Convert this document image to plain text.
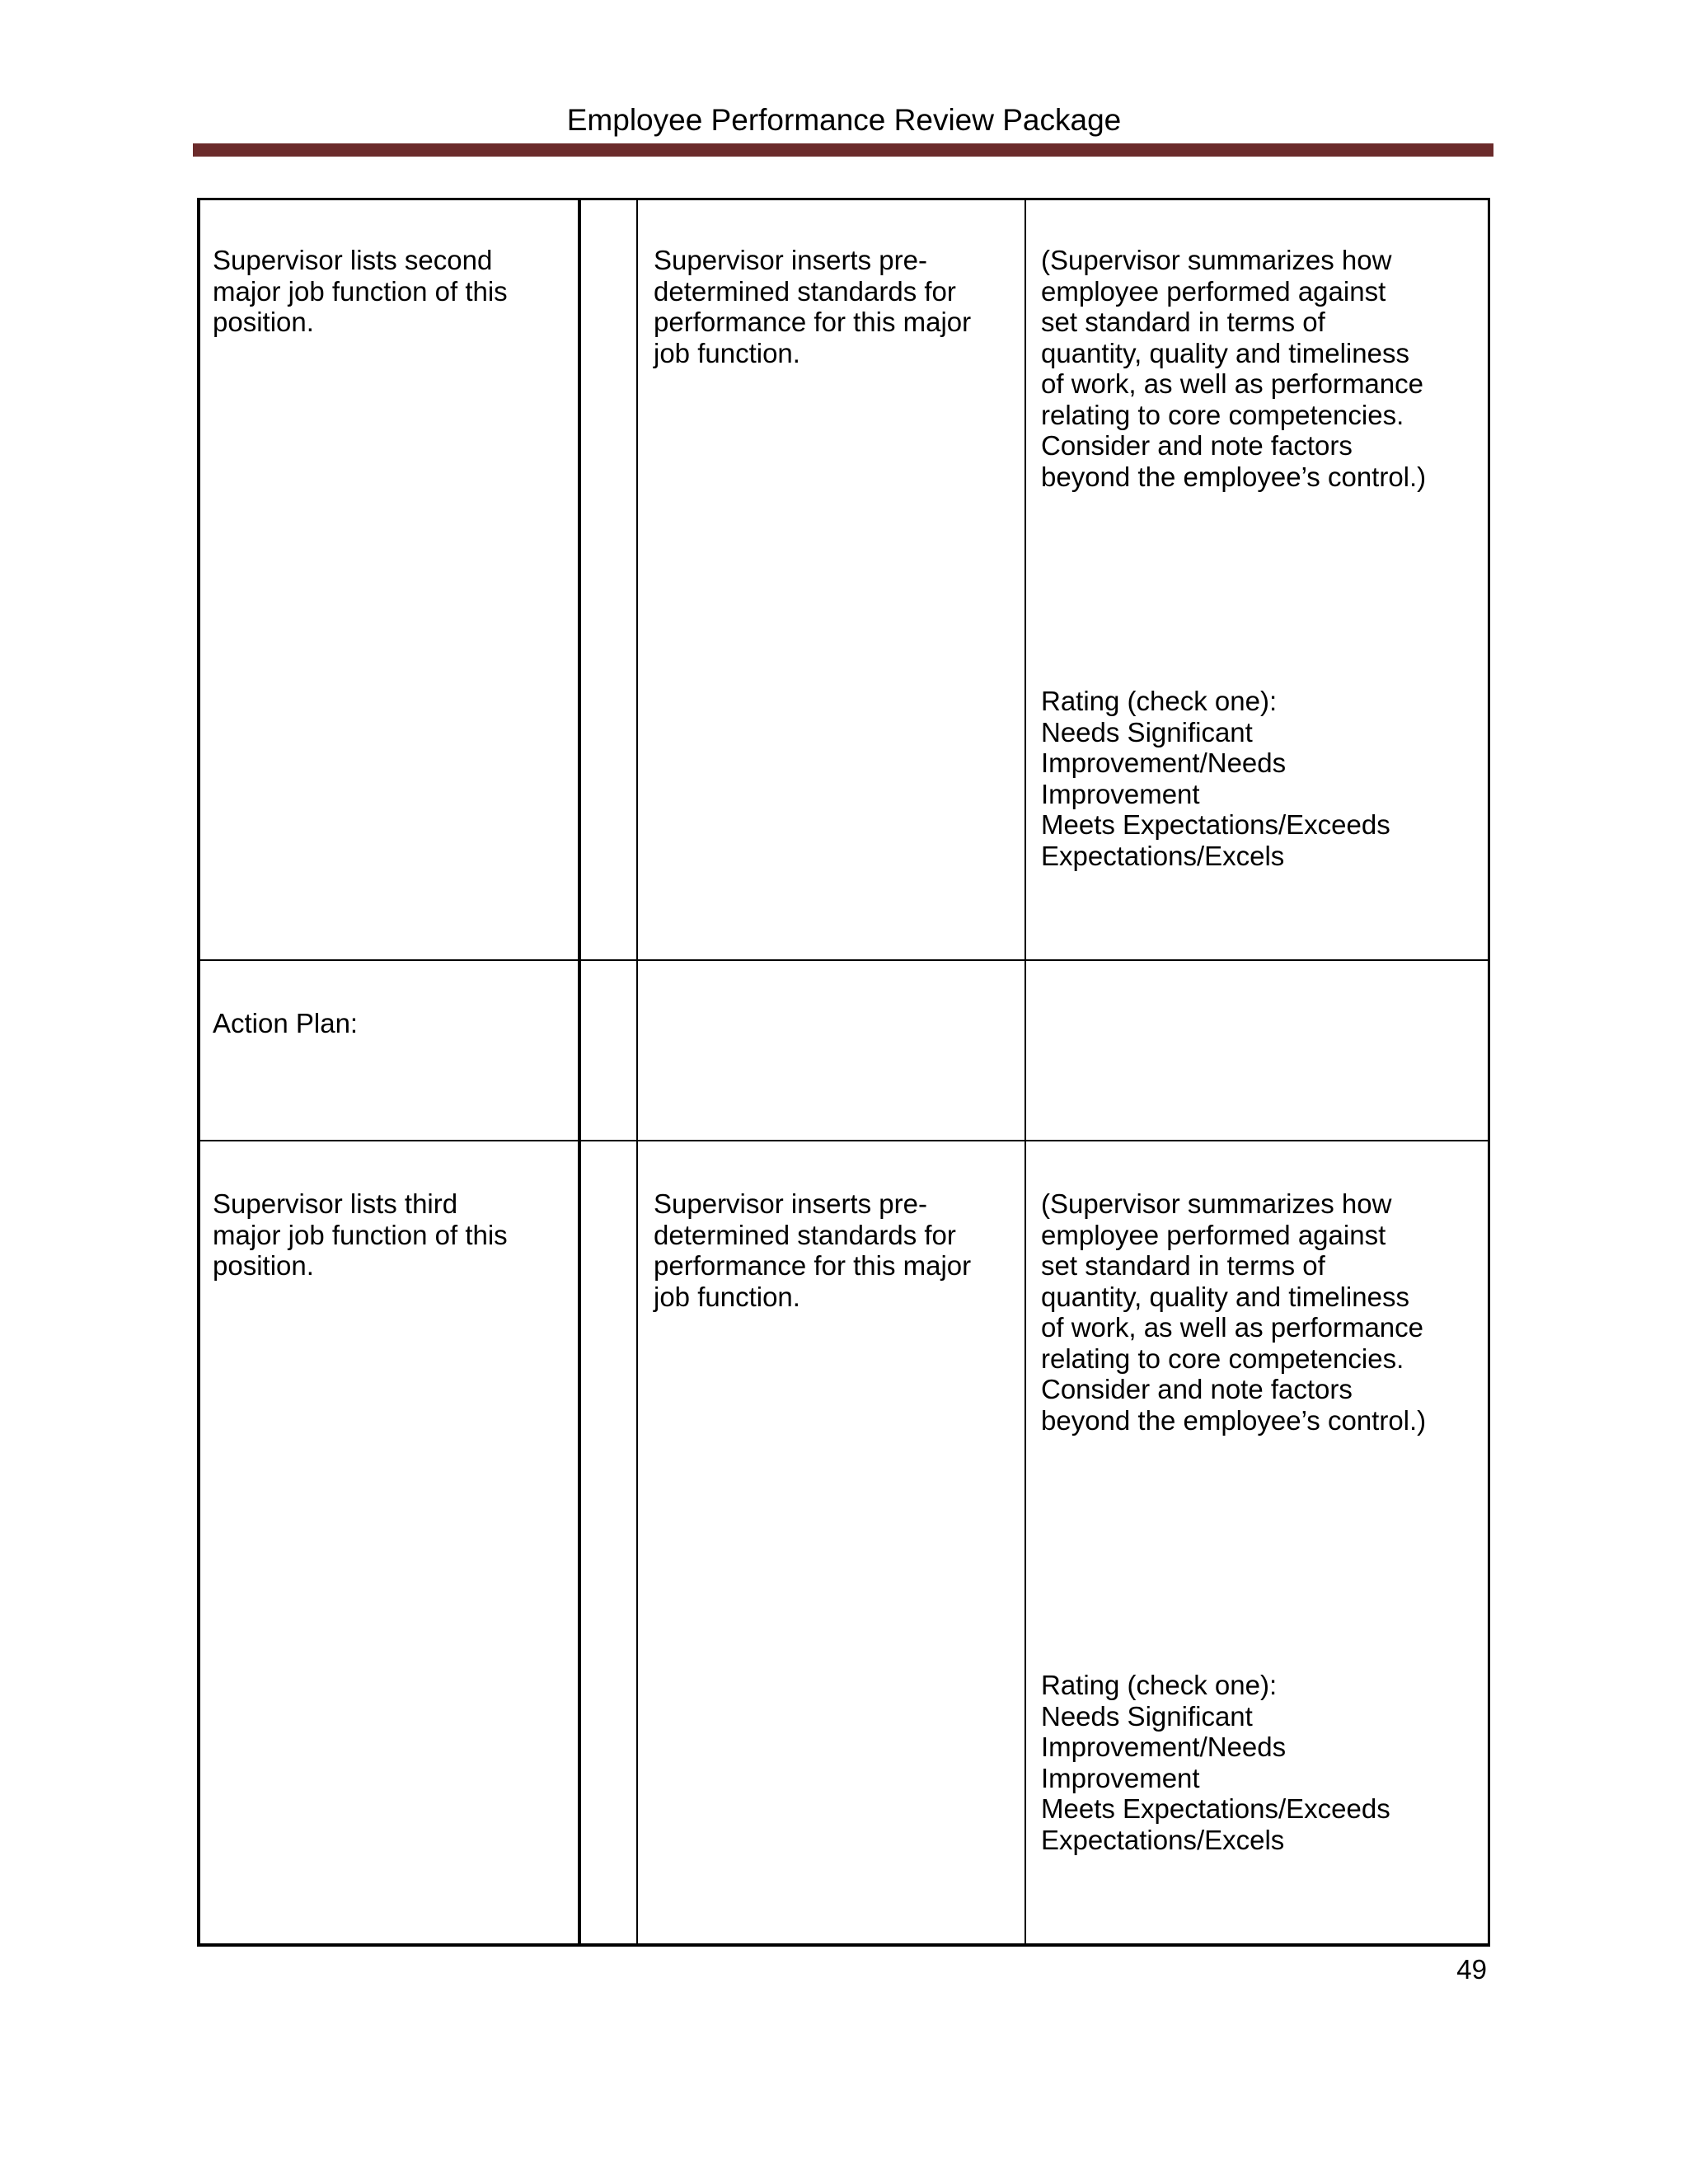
Employee Performance Review Package
Supervisor lists second
major job function of this
position.
Supervisor inserts pre-
determined standards for
performance for this major
job function.
(Supervisor summarizes how
employee performed against
set standard in terms of
quantity, quality and timeliness
of work, as well as performance
relating to core competencies.
Consider and note factors
beyond the employee’s control.)
Rating (check one):
Needs Significant
Improvement/Needs
Improvement
Meets Expectations/Exceeds
Expectations/Excels
Action Plan:
Supervisor lists third
major job function of this
position.
Supervisor inserts pre-
determined standards for
performance for this major
job function.
(Supervisor summarizes how
employee performed against
set standard in terms of
quantity, quality and timeliness
of work, as well as performance
relating to core competencies.
Consider and note factors
beyond the employee’s control.)
Rating (check one):
Needs Significant
Improvement/Needs
Improvement
Meets Expectations/Exceeds
Expectations/Excels
49
